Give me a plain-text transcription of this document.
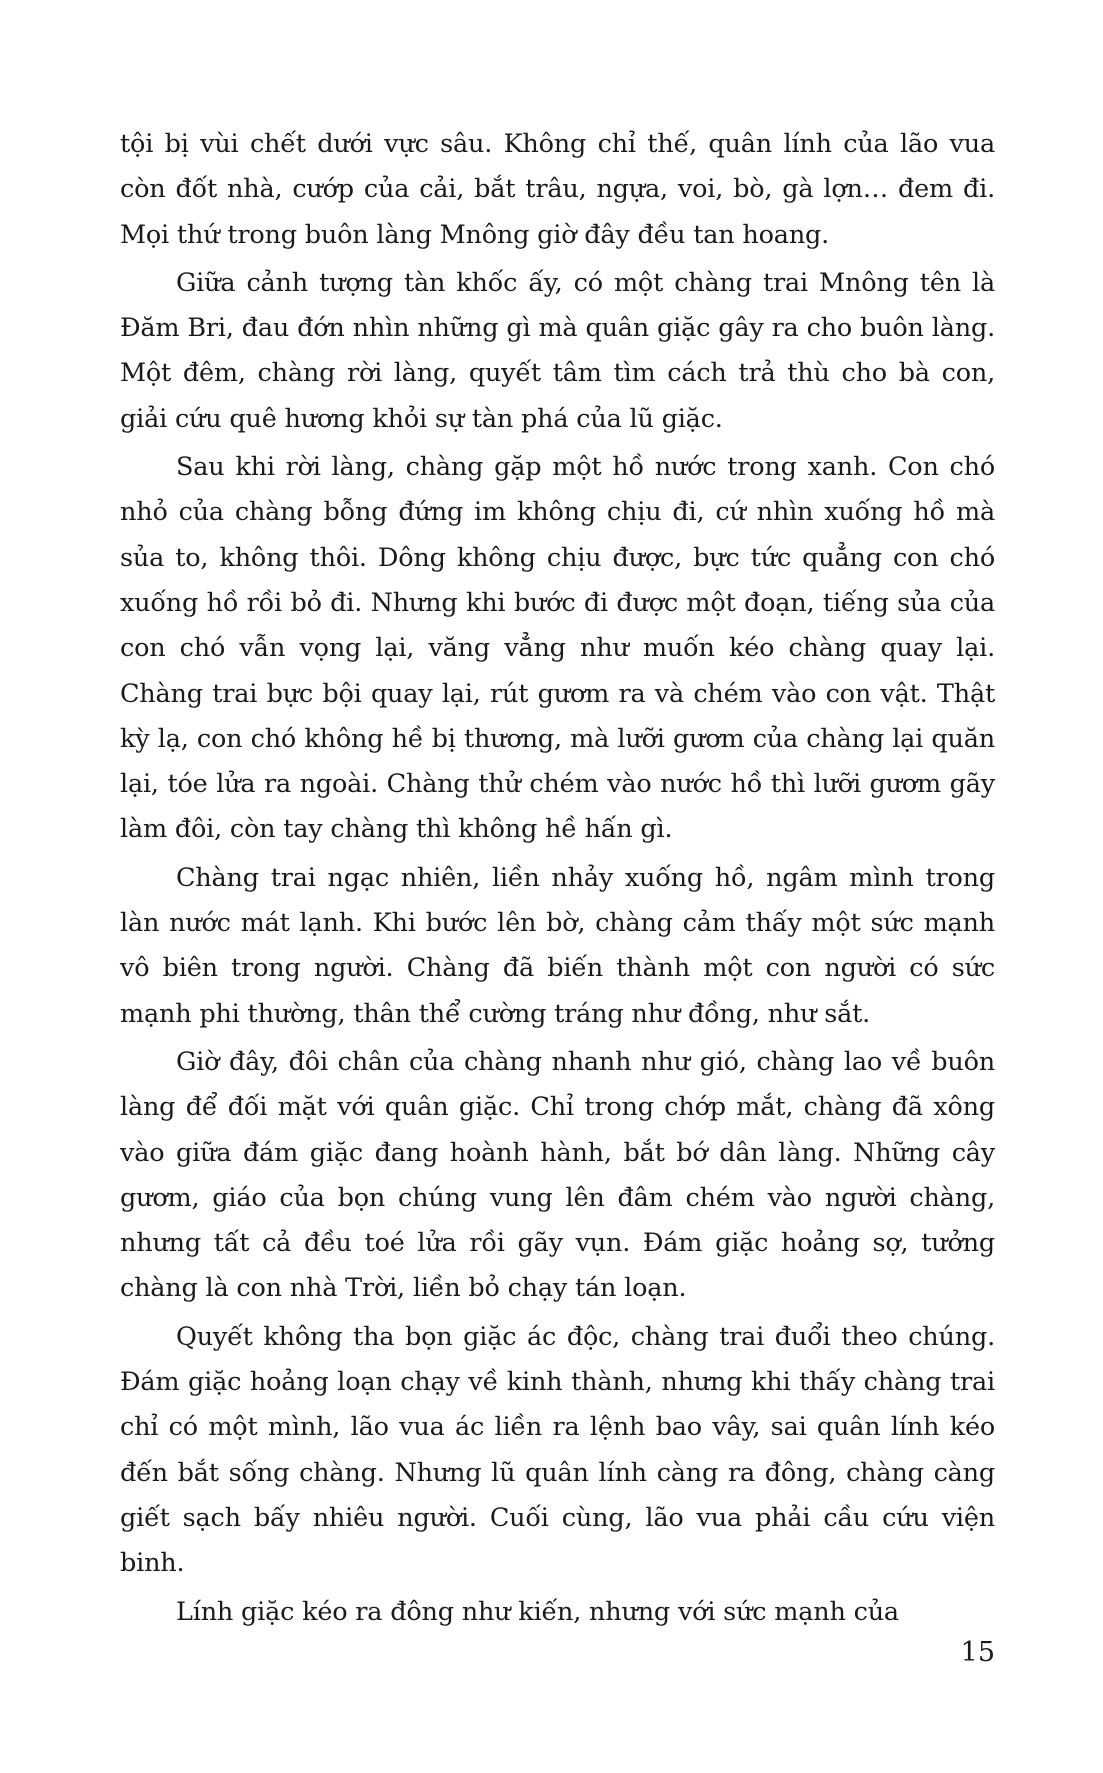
tội bị vùi chết dưới vực sâu. Không chỉ thế, quân lính của lão vua còn đốt nhà, cướp của cải, bắt trâu, ngựa, voi, bò, gà lợn… đem đi. Mọi thứ trong buôn làng Mnông giờ đây đều tan hoang.

Giữa cảnh tượng tàn khốc ấy, có một chàng trai Mnông tên là Đăm Bri, đau đớn nhìn những gì mà quân giặc gây ra cho buôn làng. Một đêm, chàng rời làng, quyết tâm tìm cách trả thù cho bà con, giải cứu quê hương khỏi sự tàn phá của lũ giặc.

Sau khi rời làng, chàng gặp một hồ nước trong xanh. Con chó nhỏ của chàng bỗng đứng im không chịu đi, cứ nhìn xuống hồ mà sủa to, không thôi. Dông không chịu được, bực tức quẳng con chó xuống hồ rồi bỏ đi. Nhưng khi bước đi được một đoạn, tiếng sủa của con chó vẫn vọng lại, văng vẳng như muốn kéo chàng quay lại. Chàng trai bực bội quay lại, rút gươm ra và chém vào con vật. Thật kỳ lạ, con chó không hề bị thương, mà lưỡi gươm của chàng lại quăn lại, tóe lửa ra ngoài. Chàng thử chém vào nước hồ thì lưỡi gươm gãy làm đôi, còn tay chàng thì không hề hấn gì.

Chàng trai ngạc nhiên, liền nhảy xuống hồ, ngâm mình trong làn nước mát lạnh. Khi bước lên bờ, chàng cảm thấy một sức mạnh vô biên trong người. Chàng đã biến thành một con người có sức mạnh phi thường, thân thể cường tráng như đồng, như sắt.

Giờ đây, đôi chân của chàng nhanh như gió, chàng lao về buôn làng để đối mặt với quân giặc. Chỉ trong chớp mắt, chàng đã xông vào giữa đám giặc đang hoành hành, bắt bớ dân làng. Những cây gươm, giáo của bọn chúng vung lên đâm chém vào người chàng, nhưng tất cả đều toé lửa rồi gãy vụn. Đám giặc hoảng sợ, tưởng chàng là con nhà Trời, liền bỏ chạy tán loạn.

Quyết không tha bọn giặc ác độc, chàng trai đuổi theo chúng. Đám giặc hoảng loạn chạy về kinh thành, nhưng khi thấy chàng trai chỉ có một mình, lão vua ác liền ra lệnh bao vây, sai quân lính kéo đến bắt sống chàng. Nhưng lũ quân lính càng ra đông, chàng càng giết sạch bấy nhiêu người. Cuối cùng, lão vua phải cầu cứu viện binh.

Lính giặc kéo ra đông như kiến, nhưng với sức mạnh của

15
